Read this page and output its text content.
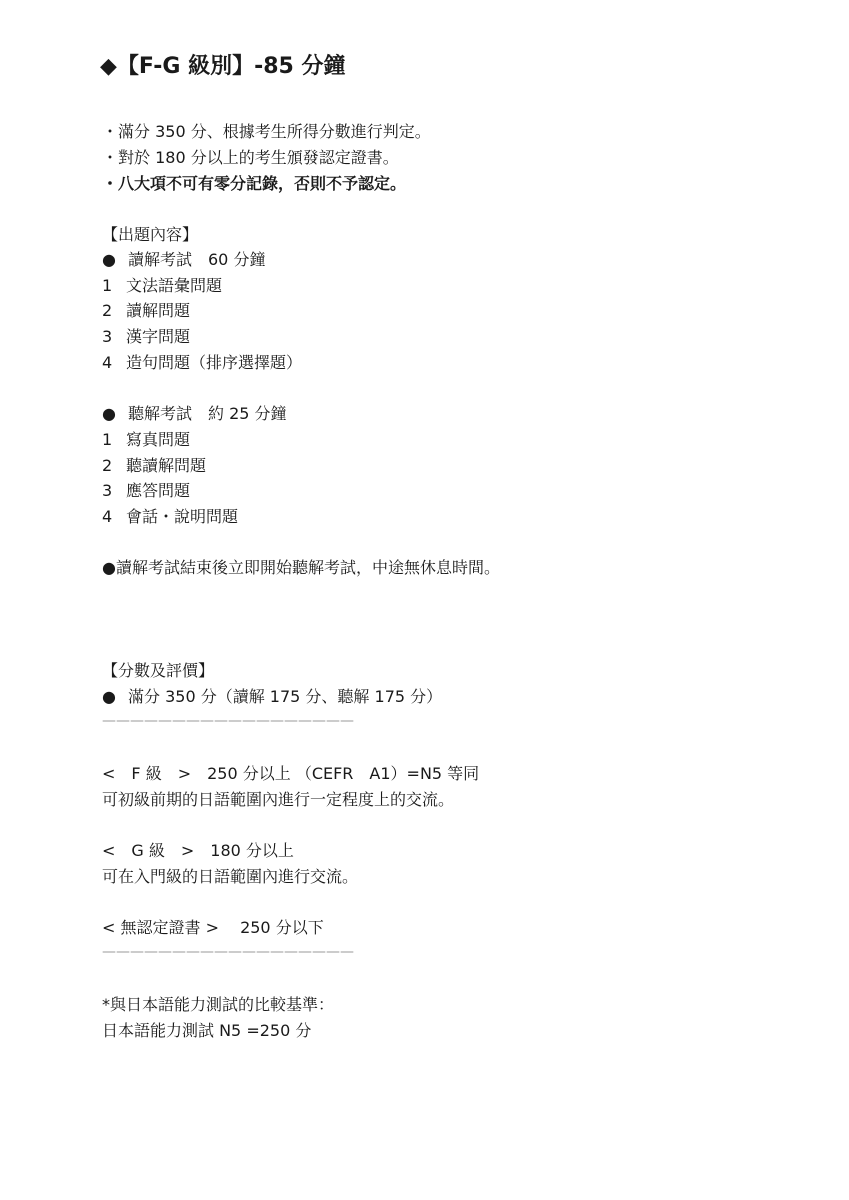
◆【F-G 級別】-85 分鐘
・滿分 350 分、根據考生所得分數進行判定。
・對於 180 分以上的考生頒發認定證書。
・八大項不可有零分記錄，否則不予認定。
【出題內容】
● 讀解考試　60 分鐘
1 文法語彙問題
2 讀解問題
3 漢字問題
4 造句問題（排序選擇題）
● 聽解考試　約 25 分鐘
1 寫真問題
2 聽讀解問題
3 應答問題
4 會話・說明問題
●讀解考試結束後立即開始聽解考試，中途無休息時間。
【分數及評價】
● 滿分 350 分（讀解 175 分、聽解 175 分）
——————————————————
<　F 級　>　250 分以上 （CEFR　A1）=N5 等同
可初級前期的日語範圍內進行一定程度上的交流。
<　G 級　>　180 分以上
可在入門級的日語範圍內進行交流。
< 無認定證書 >　 250 分以下
——————————————————
*與日本語能力測試的比較基準：
日本語能力測試 N5 =250 分
